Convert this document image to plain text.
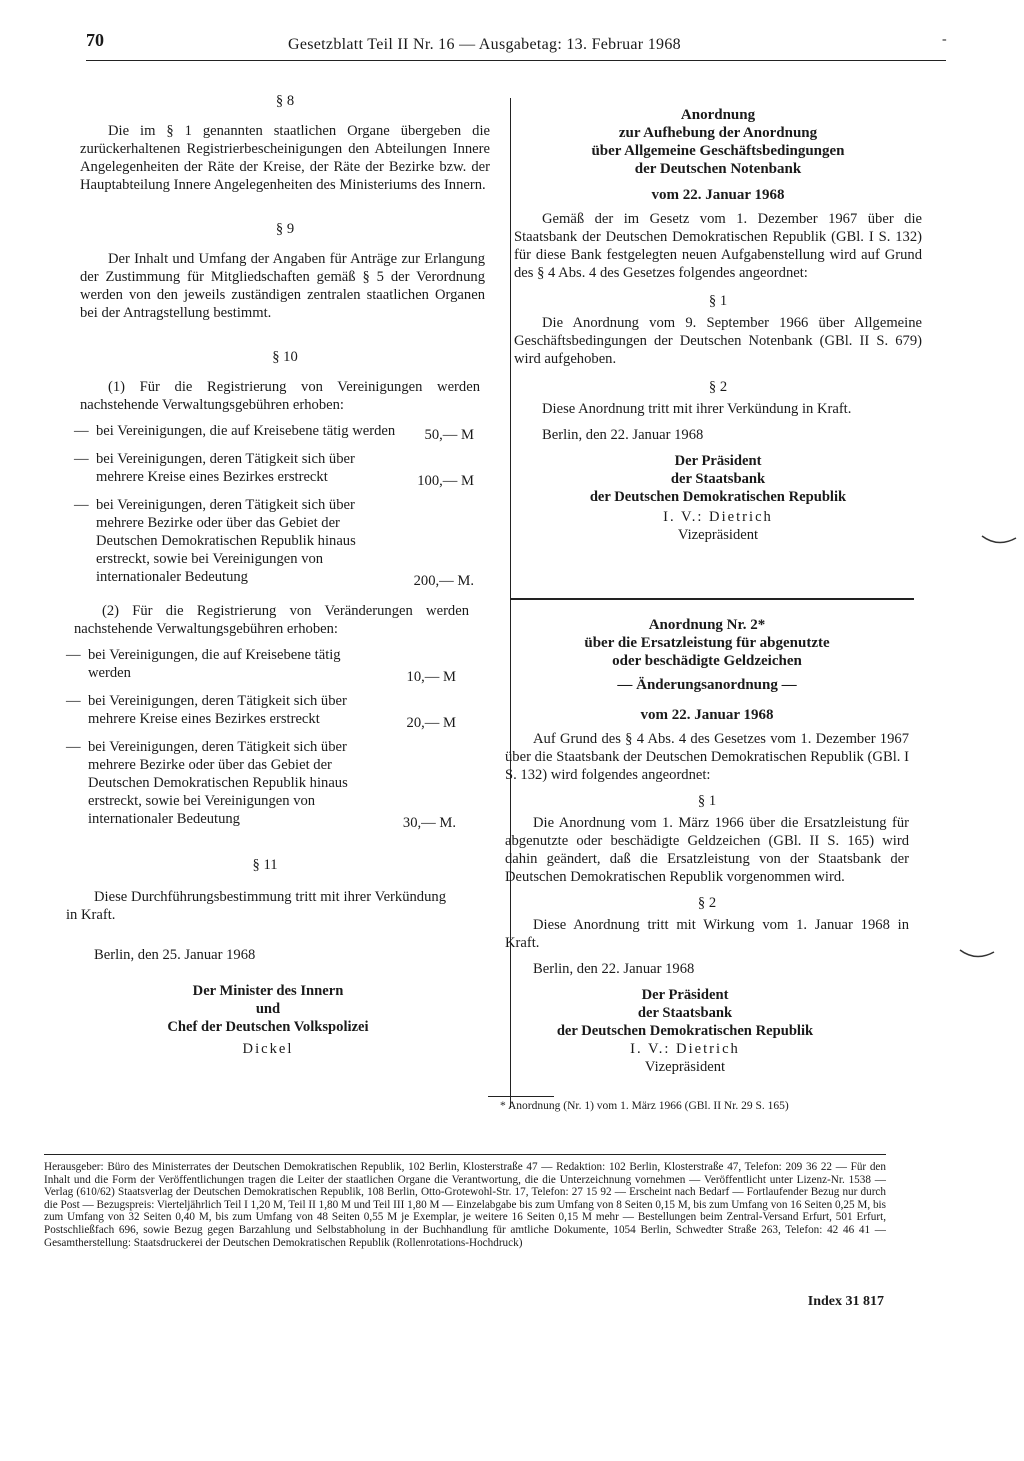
70	Gesetzblatt Teil II Nr. 16 — Ausgabetag: 13. Februar 1968	-

§ 8

Die im § 1 genannten staatlichen Organe übergeben die zurückerhaltenen Registrierbescheinigungen den Abteilungen Innere Angelegenheiten der Räte der Kreise, der Räte der Bezirke bzw. der Hauptabteilung Innere Angelegenheiten des Ministeriums des Innern.

§ 9

Der Inhalt und Umfang der Angaben für Anträge zur Erlangung der Zustimmung für Mitgliedschaften gemäß § 5 der Verordnung werden von den jeweils zuständigen zentralen staatlichen Organen bei der Antragstellung bestimmt.

§ 10

(1) Für die Registrierung von Vereinigungen werden nachstehende Verwaltungsgebühren erhoben:

— bei Vereinigungen, die auf Kreisebene tätig werden 50,— M
— bei Vereinigungen, deren Tätigkeit sich über mehrere Kreise eines Bezirkes erstreckt	100,— M
— bei Vereinigungen, deren Tätigkeit sich über mehrere Bezirke oder über das Gebiet der Deutschen Demokratischen Republik hinaus erstreckt, sowie bei Vereinigungen von internationaler Bedeutung	200,— M.

(2) Für die Registrierung von Veränderungen werden nachstehende Verwaltungsgebühren erhoben:

— bei Vereinigungen, die auf Kreisebene tätig werden	10,— M
— bei Vereinigungen, deren Tätigkeit sich über mehrere Kreise eines Bezirkes erstreckt	20,— M
— bei Vereinigungen, deren Tätigkeit sich über mehrere Bezirke oder über das Gebiet der Deutschen Demokratischen Republik hinaus erstreckt, sowie bei Vereinigungen von internationaler Bedeutung	30,— M.

§ 11

Diese Durchführungsbestimmung tritt mit ihrer Verkündung in Kraft.

Berlin, den 25. Januar 1968

Der Minister des Innern

und

Chef der Deutschen Volkspolizei

Dickel

Anordnung

zur Aufhebung der Anordnung

über Allgemeine Geschäftsbedingungen

der Deutschen Notenbank

vom 22. Januar 1968

Gemäß der im Gesetz vom 1. Dezember 1967 über die Staatsbank der Deutschen Demokratischen Republik (GBl. I S. 132) für diese Bank festgelegten neuen Aufgabenstellung wird auf Grund des § 4 Abs. 4 des Gesetzes folgendes angeordnet:

§ 1

Die Anordnung vom 9. September 1966 über Allgemeine Geschäftsbedingungen der Deutschen Notenbank (GBl. II S. 679) wird aufgehoben.

§ 2

Diese Anordnung tritt mit ihrer Verkündung in Kraft.

Berlin, den 22. Januar 1968

Der Präsident

der Staatsbank

der Deutschen Demokratischen Republik

I. V.: Dietrich

Vizepräsident

Anordnung Nr. 2*

über die Ersatzleistung für abgenutzte

oder beschädigte Geldzeichen

— Änderungsanordnung —

vom 22. Januar 1968

Auf Grund des § 4 Abs. 4 des Gesetzes vom 1. Dezember 1967 über die Staatsbank der Deutschen Demokratischen Republik (GBl. I S. 132) wird folgendes angeordnet:

§ 1

Die Anordnung vom 1. März 1966 über die Ersatzleistung für abgenutzte oder beschädigte Geldzeichen (GBl. II S. 165) wird dahin geändert, daß die Ersatzleistung von der Staatsbank der Deutschen Demokratischen Republik vorgenommen wird.

§ 2

Diese Anordnung tritt mit Wirkung vom 1. Januar 1968 in Kraft.

Berlin, den 22. Januar 1968

Der Präsident

der Staatsbank

der Deutschen Demokratischen Republik

I. V.: Dietrich

Vizepräsident

* Anordnung (Nr. 1) vom 1. März 1966 (GBl. II Nr. 29 S. 165)
Herausgeber: Büro des Ministerrates der Deutschen Demokratischen Republik, 102 Berlin, Klosterstraße 47 — Redaktion: 102 Berlin, Klosterstraße 47, Telefon: 209 36 22 — Für den Inhalt und die Form der Veröffentlichungen tragen die Leiter der staatlichen Organe die Verantwortung, die die Unterzeichnung vornehmen — Veröffentlicht unter Lizenz-Nr. 1538 — Verlag (610/62) Staatsverlag der Deutschen Demokratischen Republik, 108 Berlin, Otto-Grotewohl-Str. 17, Telefon: 27 15 92 — Erscheint nach Bedarf — Fortlaufender Bezug nur durch die Post — Bezugspreis: Vierteljährlich Teil I 1,20 M, Teil II 1,80 M und Teil III 1,80 M — Einzelabgabe bis zum Umfang von 8 Seiten 0,15 M, bis zum Umfang von 16 Seiten 0,25 M, bis zum Umfang von 32 Seiten 0,40 M, bis zum Umfang von 48 Seiten 0,55 M je Exemplar, je weitere 16 Seiten 0,15 M mehr — Bestellungen beim Zentral-Versand Erfurt, 501 Erfurt, Postschließfach 696, sowie Bezug gegen Barzahlung und Selbstabholung in der Buchhandlung für amtliche Dokumente, 1054 Berlin, Schwedter Straße 263, Telefon: 42 46 41 — Gesamtherstellung: Staatsdruckerei der Deutschen Demokratischen Republik (Rollenrotations-Hochdruck)
Index 31 817
